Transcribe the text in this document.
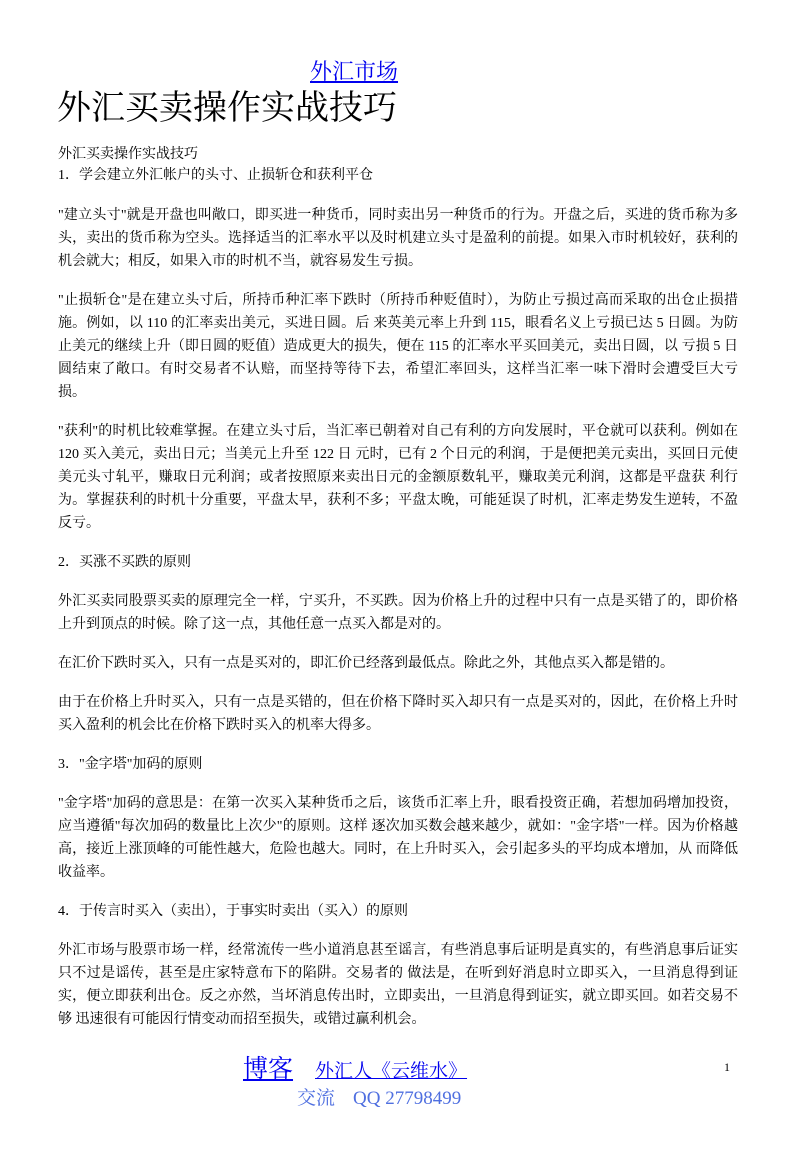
外汇市场
外汇买卖操作实战技巧

外汇买卖操作实战技巧

1．学会建立外汇帐户的头寸、止损斩仓和获利平仓

"建立头寸"就是开盘也叫敞口，即买进一种货币，同时卖出另一种货币的行为。开盘之后，买进的货币称为多头，卖出的货币称为空头。选择适当的汇率水平以及时机建立头寸是盈利的前提。如果入市时机较好，获利的机会就大；相反，如果入市的时机不当，就容易发生亏损。

"止损斩仓"是在建立头寸后，所持币种汇率下跌时（所持币种贬值时），为防止亏损过高而采取的出仓止损措施。例如，以 110 的汇率卖出美元，买进日圆。后 来英美元率上升到 115，眼看名义上亏损已达 5 日圆。为防止美元的继续上升（即日圆的贬值）造成更大的损失，便在 115 的汇率水平买回美元，卖出日圆，以 亏损 5 日圆结束了敞口。有时交易者不认赔，而坚持等待下去，希望汇率回头，这样当汇率一味下滑时会遭受巨大亏损。

"获利"的时机比较难掌握。在建立头寸后，当汇率已朝着对自己有利的方向发展时，平仓就可以获利。例如在 120 买入美元，卖出日元；当美元上升至 122 日 元时，已有 2 个日元的利润，于是便把美元卖出，买回日元使美元头寸轧平，赚取日元利润；或者按照原来卖出日元的金额原数轧平，赚取美元利润，这都是平盘获 利行为。掌握获利的时机十分重要，平盘太早，获利不多；平盘太晚，可能延误了时机，汇率走势发生逆转，不盈反亏。

2．买涨不买跌的原则

外汇买卖同股票买卖的原理完全一样，宁买升，不买跌。因为价格上升的过程中只有一点是买错了的，即价格上升到顶点的时候。除了这一点，其他任意一点买入都是对的。

在汇价下跌时买入，只有一点是买对的，即汇价已经落到最低点。除此之外，其他点买入都是错的。

由于在价格上升时买入，只有一点是买错的，但在价格下降时买入却只有一点是买对的，因此，在价格上升时买入盈利的机会比在价格下跌时买入的机率大得多。

3．"金字塔"加码的原则

"金字塔"加码的意思是：在第一次买入某种货币之后，该货币汇率上升，眼看投资正确，若想加码增加投资，应当遵循"每次加码的数量比上次少"的原则。这样 逐次加买数会越来越少，就如："金字塔"一样。因为价格越高，接近上涨顶峰的可能性越大，危险也越大。同时，在上升时买入，会引起多头的平均成本增加，从 而降低收益率。

4．于传言时买入（卖出），于事实时卖出（买入）的原则

外汇市场与股票市场一样，经常流传一些小道消息甚至谣言，有些消息事后证明是真实的，有些消息事后证实只不过是谣传，甚至是庄家特意布下的陷阱。交易者的 做法是，在听到好消息时立即买入，一旦消息得到证实，便立即获利出仓。反之亦然，当坏消息传出时，立即卖出，一旦消息得到证实，就立即买回。如若交易不够 迅速很有可能因行情变动而招至损失，或错过赢利机会。

博客 外汇人《云维水》
交流 QQ 27798499
1
